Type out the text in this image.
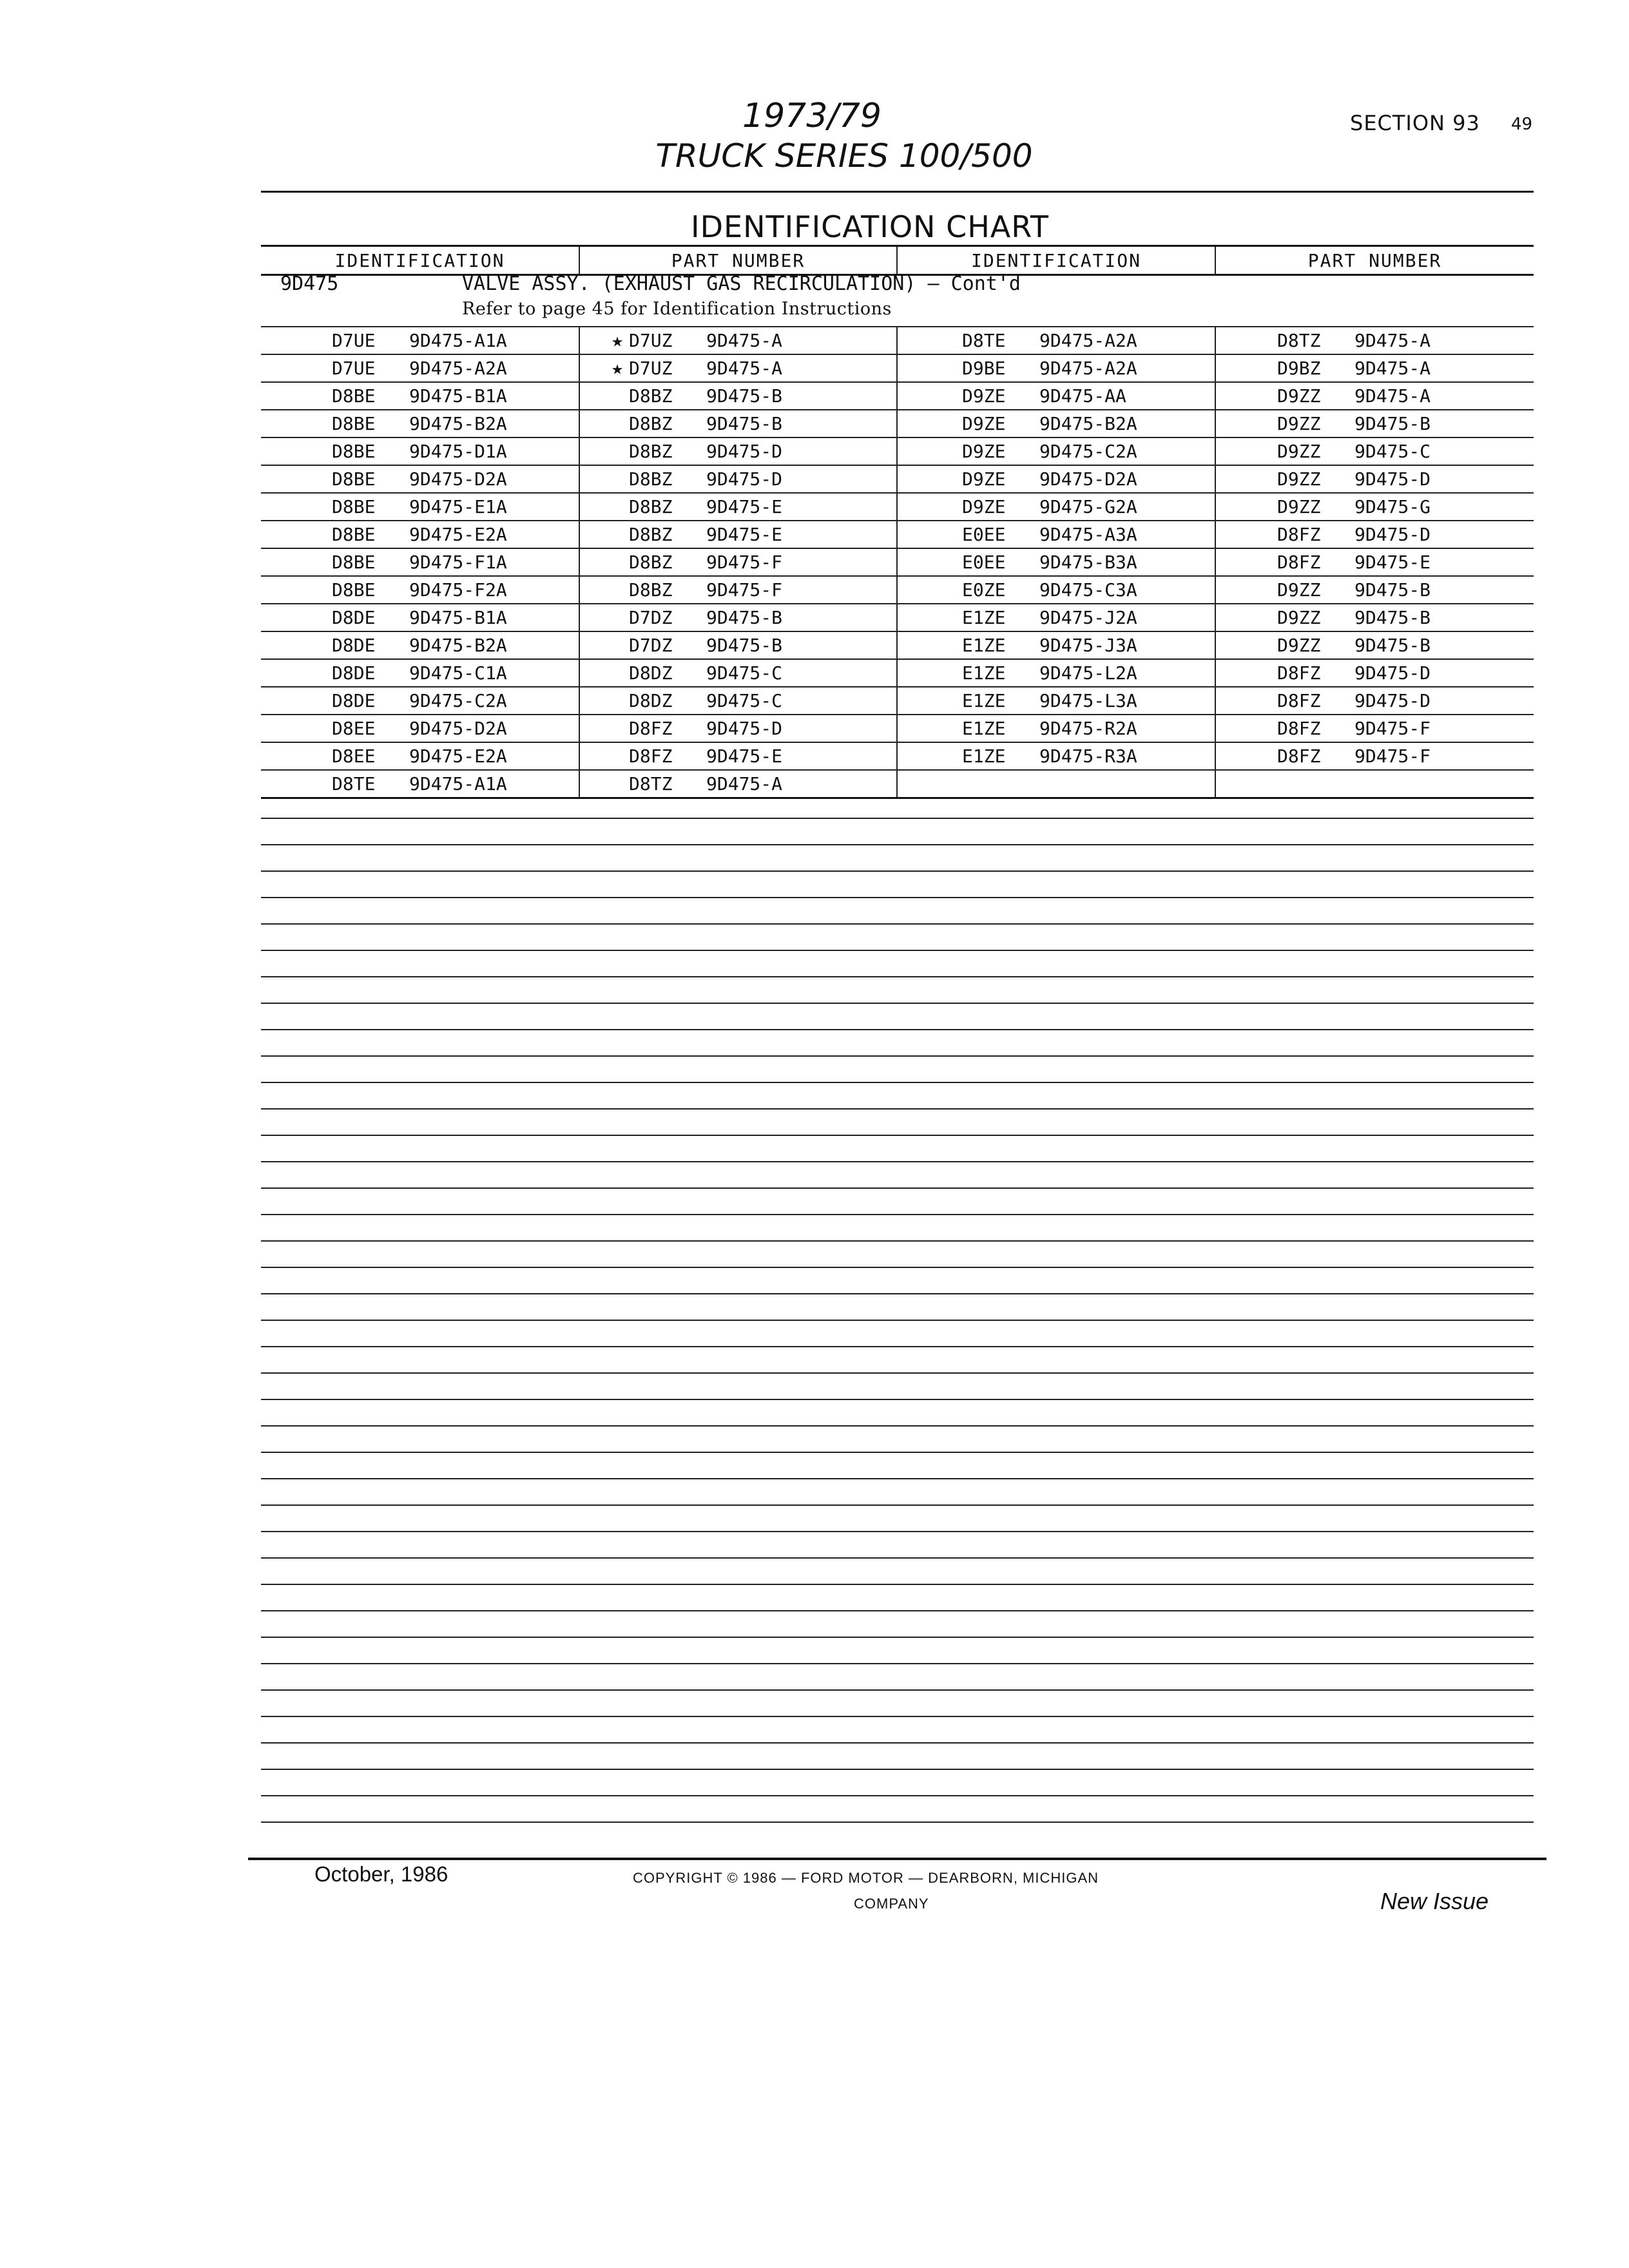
1973/79
TRUCK SERIES 100/500
SECTION 93 49
IDENTIFICATION CHART
IDENTIFICATION	PART NUMBER	IDENTIFICATION	PART NUMBER

D7UE 9D475-A1A	★ D7UZ 9D475-A	D8TE 9D475-A2A	D8TZ 9D475-A
D7UE 9D475-A2A	★ D7UZ 9D475-A	D9BE 9D475-A2A	D9BZ 9D475-A
D8BE 9D475-B1A	D8BZ 9D475-B	D9ZE 9D475-AA	D9ZZ 9D475-A
D8BE 9D475-B2A	D8BZ 9D475-B	D9ZE 9D475-B2A	D9ZZ 9D475-B
D8BE 9D475-D1A	D8BZ 9D475-D	D9ZE 9D475-C2A	D9ZZ 9D475-C
D8BE 9D475-D2A	D8BZ 9D475-D	D9ZE 9D475-D2A	D9ZZ 9D475-D
D8BE 9D475-E1A	D8BZ 9D475-E	D9ZE 9D475-G2A	D9ZZ 9D475-G
D8BE 9D475-E2A	D8BZ 9D475-E	E0EE 9D475-A3A	D8FZ 9D475-D
D8BE 9D475-F1A	D8BZ 9D475-F	E0EE 9D475-B3A	D8FZ 9D475-E
D8BE 9D475-F2A	D8BZ 9D475-F	E0ZE 9D475-C3A	D9ZZ 9D475-B
D8DE 9D475-B1A	D7DZ 9D475-B	E1ZE 9D475-J2A	D9ZZ 9D475-B
D8DE 9D475-B2A	D7DZ 9D475-B	E1ZE 9D475-J3A	D9ZZ 9D475-B
D8DE 9D475-C1A	D8DZ 9D475-C	E1ZE 9D475-L2A	D8FZ 9D475-D
D8DE 9D475-C2A	D8DZ 9D475-C	E1ZE 9D475-L3A	D8FZ 9D475-D
D8EE 9D475-D2A	D8FZ 9D475-D	E1ZE 9D475-R2A	D8FZ 9D475-F
D8EE 9D475-E2A	D8FZ 9D475-E	E1ZE 9D475-R3A	D8FZ 9D475-F
D8TE 9D475-A1A	D8TZ 9D475-A		
9D475	VALVE ASSY. (EXHAUST GAS RECIRCULATION) — Cont'd
Refer to page 45 for Identification Instructions
October, 1986	COPYRIGHT © 1986 — FORD MOTOR — DEARBORN, MICHIGAN
COMPANY	New Issue
